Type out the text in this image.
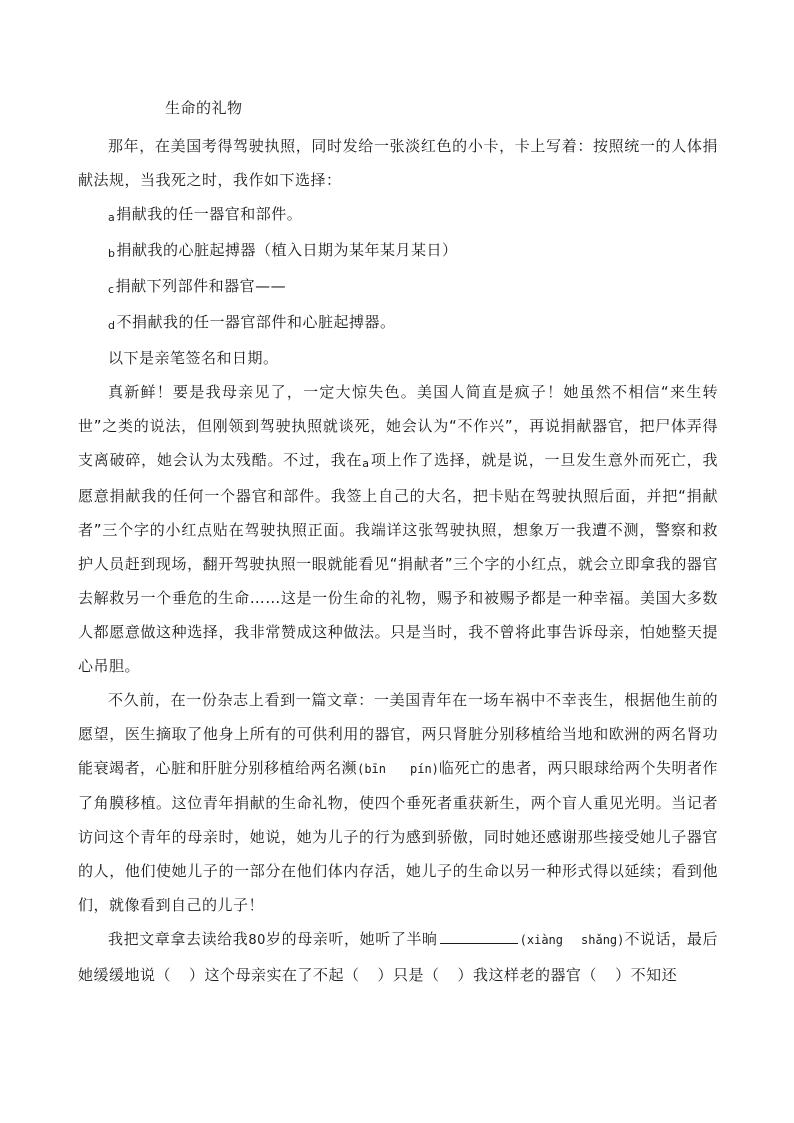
生命的礼物

那年，在美国考得驾驶执照，同时发给一张淡红色的小卡，卡上写着：按照统一的人体捐献法规，当我死之时，我作如下选择：

a捐献我的任一器官和部件。

b捐献我的心脏起搏器（植入日期为某年某月某日）

c捐献下列部件和器官——

d不捐献我的任一器官部件和心脏起搏器。

以下是亲笔签名和日期。

真新鲜！要是我母亲见了，一定大惊失色。美国人简直是疯子！她虽然不相信“来生转世”之类的说法，但刚领到驾驶执照就谈死，她会认为“不作兴”，再说捐献器官，把尸体弄得支离破碎，她会认为太残酷。不过，我在a项上作了选择，就是说，一旦发生意外而死亡，我愿意捐献我的任何一个器官和部件。我签上自己的大名，把卡贴在驾驶执照后面，并把“捐献者”三个字的小红点贴在驾驶执照正面。我端详这张驾驶执照，想象万一我遭不测，警察和救护人员赶到现场，翻开驾驶执照一眼就能看见“捐献者”三个字的小红点，就会立即拿我的器官去解救另一个垂危的生命……这是一份生命的礼物，赐予和被赐予都是一种幸福。美国大多数人都愿意做这种选择，我非常赞成这种做法。只是当时，我不曾将此事告诉母亲，怕她整天提心吊胆。

不久前，在一份杂志上看到一篇文章：一美国青年在一场车祸中不幸丧生，根据他生前的愿望，医生摘取了他身上所有的可供利用的器官，两只肾脏分别移植给当地和欧洲的两名肾功能衰竭者，心脏和肝脏分别移植给两名濒(bīn pín)临死亡的患者，两只眼球给两个失明者作了角膜移植。这位青年捐献的生命礼物，使四个垂死者重获新生，两个盲人重见光明。当记者访问这个青年的母亲时，她说，她为儿子的行为感到骄傲，同时她还感谢那些接受她儿子器官的人，他们使她儿子的一部分在他们体内存活，她儿子的生命以另一种形式得以延续；看到他们，就像看到自己的儿子！

我把文章拿去读给我80岁的母亲听，她听了半晌	(xiàng shǎng)不说话，最后她缓缓地说（ ）这个母亲实在了不起（ ）只是（ ）我这样老的器官（ ）不知还
